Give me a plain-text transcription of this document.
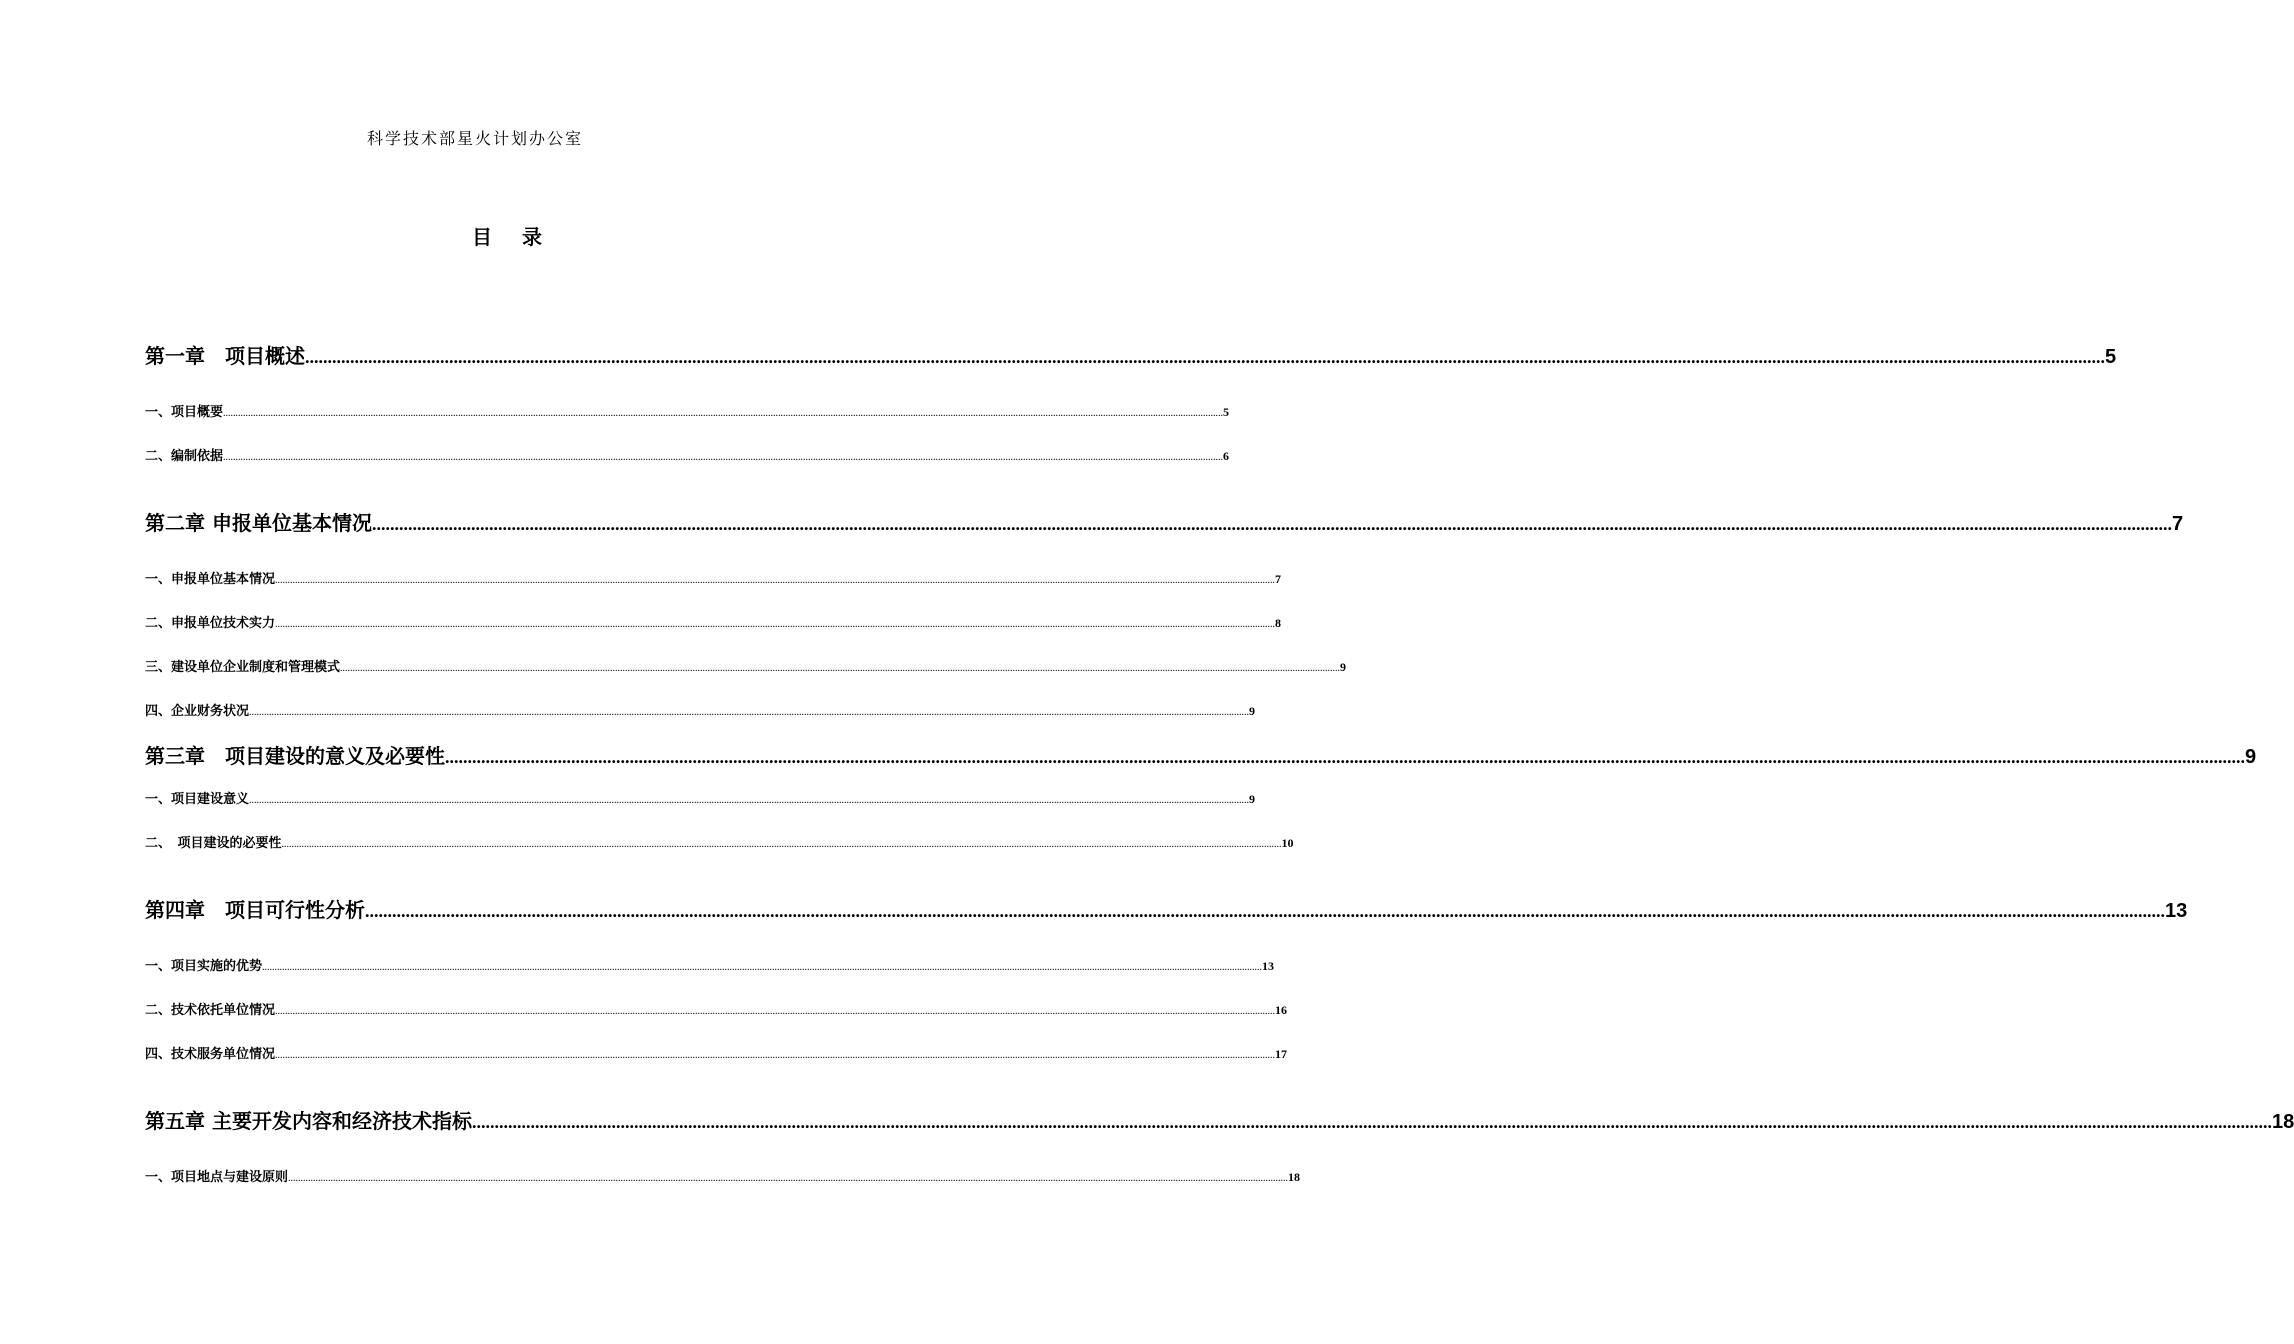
科学技术部星火计划办公室
目 录
第一章　项目概述 ................................................................................................................................................................................................................................................................................................................................................................................................................ 5
一、项目概要 ................................................................................................................................................................................................................................................................................................................................................................................................................ 5
二、编制依据 ................................................................................................................................................................................................................................................................................................................................................................................................................ 6
第二章 申报单位基本情况 ................................................................................................................................................................................................................................................................................................................................................................................................................ 7
一、申报单位基本情况 ................................................................................................................................................................................................................................................................................................................................................................................................................ 7
二、申报单位技术实力 ................................................................................................................................................................................................................................................................................................................................................................................................................ 8
三、建设单位企业制度和管理模式 ................................................................................................................................................................................................................................................................................................................................................................................................................ 9
四、企业财务状况 ................................................................................................................................................................................................................................................................................................................................................................................................................ 9
第三章　项目建设的意义及必要性 ................................................................................................................................................................................................................................................................................................................................................................................................................ 9
一、项目建设意义 ................................................................................................................................................................................................................................................................................................................................................................................................................ 9
二、　项目建设的必要性 ................................................................................................................................................................................................................................................................................................................................................................................................................ 10
第四章　项目可行性分析 ................................................................................................................................................................................................................................................................................................................................................................................................................ 13
一、项目实施的优势 ................................................................................................................................................................................................................................................................................................................................................................................................................ 13
二、技术依托单位情况 ................................................................................................................................................................................................................................................................................................................................................................................................................ 16
四、技术服务单位情况 ................................................................................................................................................................................................................................................................................................................................................................................................................ 17
第五章 主要开发内容和经济技术指标 ................................................................................................................................................................................................................................................................................................................................................................................................................ 18
一、项目地点与建设原则 ................................................................................................................................................................................................................................................................................................................................................................................................................ 18
